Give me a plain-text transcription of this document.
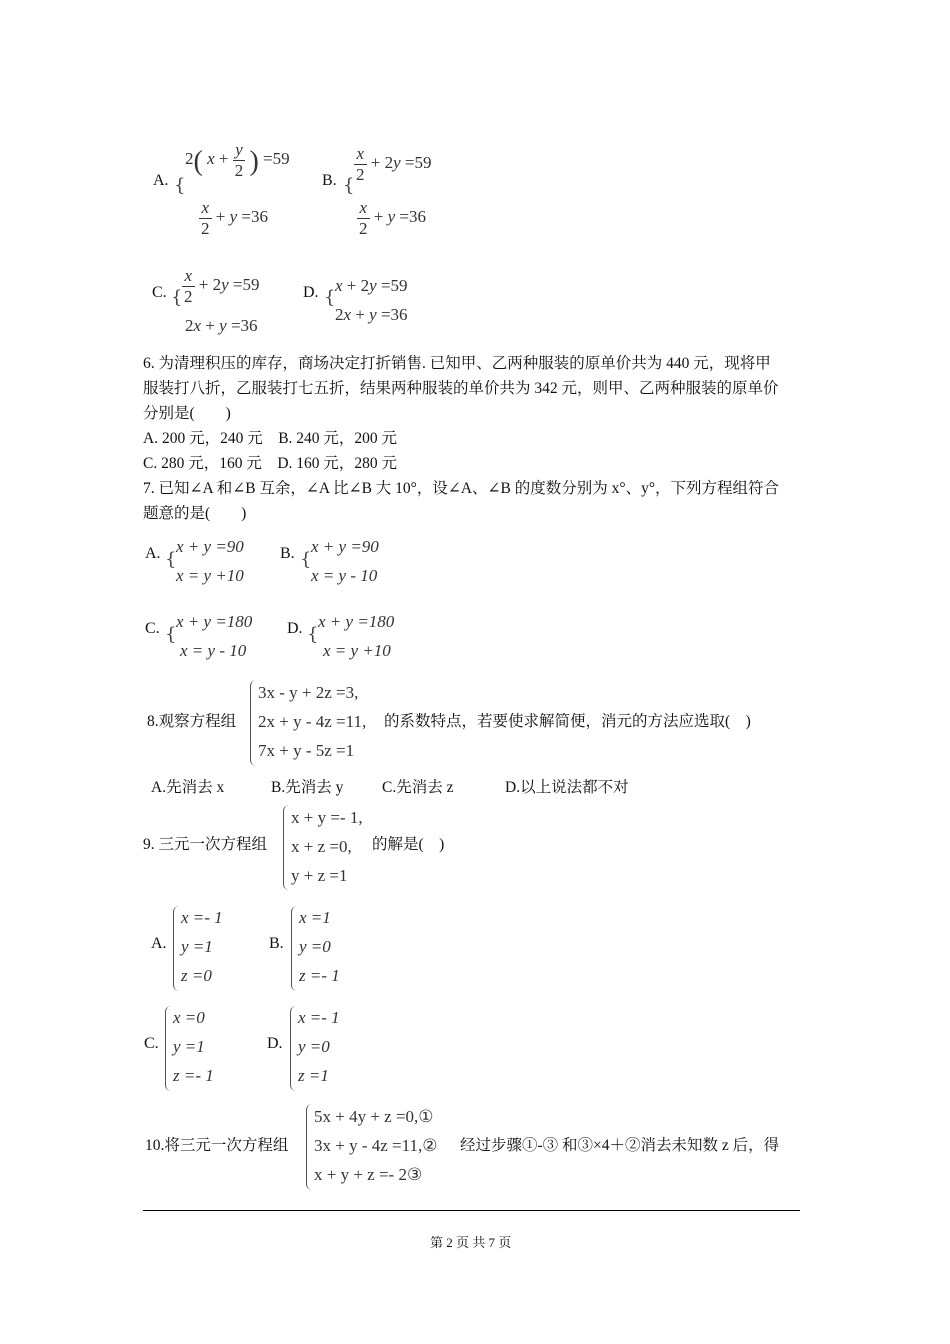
A. {
2( $x + \frac{y}{2}$ ) =59
$\frac{x}{2} + y =36$
B. {
$\frac{x}{2} + 2y =59$
$\frac{x}{2} + y =36$
C. { $\frac{x}{2} + 2y =59$
2x + y =36
D. {
x + 2y =59
2x + y =36
6. 为清理积压的库存，商场决定打折销售. 已知甲、乙两种服装的原单价共为 440 元，现将甲
服装打八折，乙服装打七五折，结果两种服装的单价共为 342 元，则甲、乙两种服装的原单价
分别是(　　)
A. 200 元，240 元　B. 240 元，200 元
C. 280 元，160 元　D. 160 元，280 元
7. 已知∠A 和∠B 互余，∠A 比∠B 大 10°，设∠A、∠B 的度数分别为 x°、y°，下列方程组符合
题意的是(　　)
A. {
x + y =90
x = y +10
B. {
x + y =90
x = y - 10
C. {
x + y =180
x = y - 10
D. {
x + y =180
x = y +10
8.观察方程组
3x - y + 2z =3,
2x + y - 4z =11,
7x + y - 5z =1
的系数特点，若要使求解简便，消元的方法应选取(　)
A.先消去 x	B.先消去 y C.先消去 z	D.以上说法都不对
9. 三元一次方程组
x + y =- 1,
x + z =0,
y + z =1
的解是(　)
A.
x =- 1
y =1
z =0
B.
x =1
y =0
z =- 1
C.
x =0
y =1
z =- 1
D.
x =- 1
y =0
z =1
10.将三元一次方程组
5x + 4y + z =0,①
3x + y - 4z =11,②
x + y + z =- 2③
经过步骤①-③ 和③×4＋②消去未知数 z 后，得
第 2 页 共 7 页
